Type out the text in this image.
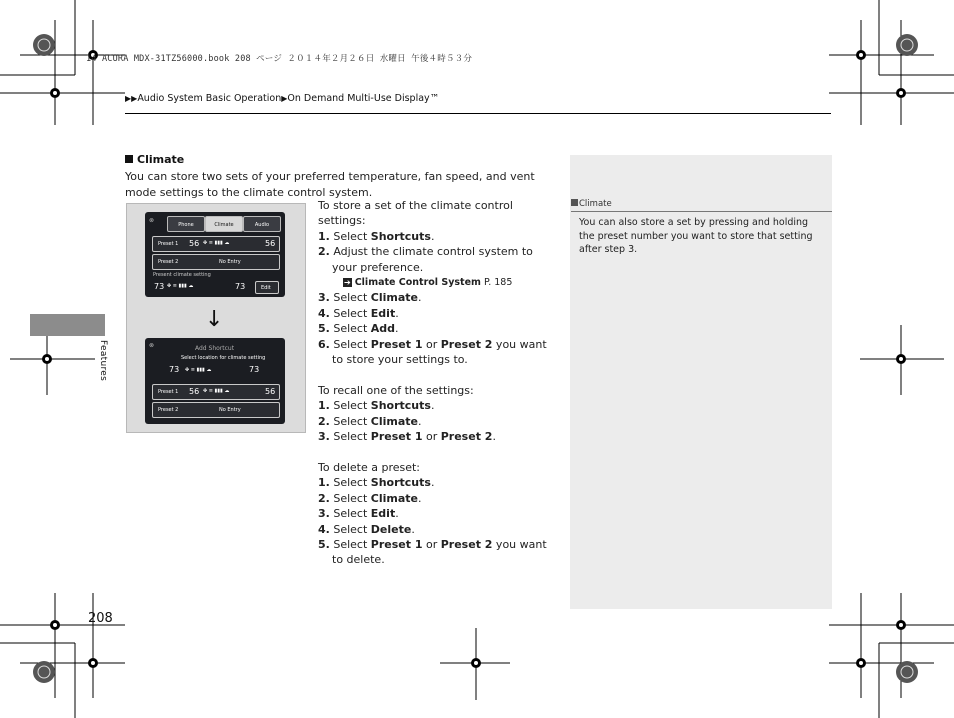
14 ACURA MDX-31TZ56000.book 208 ページ ２０１４年２月２６日 水曜日 午後４時５３分
▶▶Audio System Basic Operation▶On Demand Multi-Use Display™
Features
Climate
You can store two sets of your preferred temperature, fan speed, and vent mode settings to the climate control system.
⊗
Phone	Climate	Audio
Preset 1 56 ✤ ≡ ▮▮▮ ☁	56
Preset 2	No Entry
Present climate setting
73 ✤ ≡ ▮▮▮ ☁	73	Edit
⊗	Add Shortcut
Select location for climate setting
73 ✤ ≡ ▮▮▮ ☁	73
Preset 1 56 ✤ ≡ ▮▮▮ ☁	56
Preset 2	No Entry
↓

To store a set of the climate control settings:

1. Select Shortcuts.

2. Adjust the climate control system to your preference.

➔ Climate Control System P. 185

3. Select Climate.

4. Select Edit.

5. Select Add.

6. Select Preset 1 or Preset 2 you want to store your settings to.

To recall one of the settings:

1. Select Shortcuts.

2. Select Climate.

3. Select Preset 1 or Preset 2.

To delete a preset:

1. Select Shortcuts.

2. Select Climate.

3. Select Edit.

4. Select Delete.

5. Select Preset 1 or Preset 2 you want to delete.

Climate
You can also store a set by pressing and holding the preset number you want to store that setting after step 3.
208
